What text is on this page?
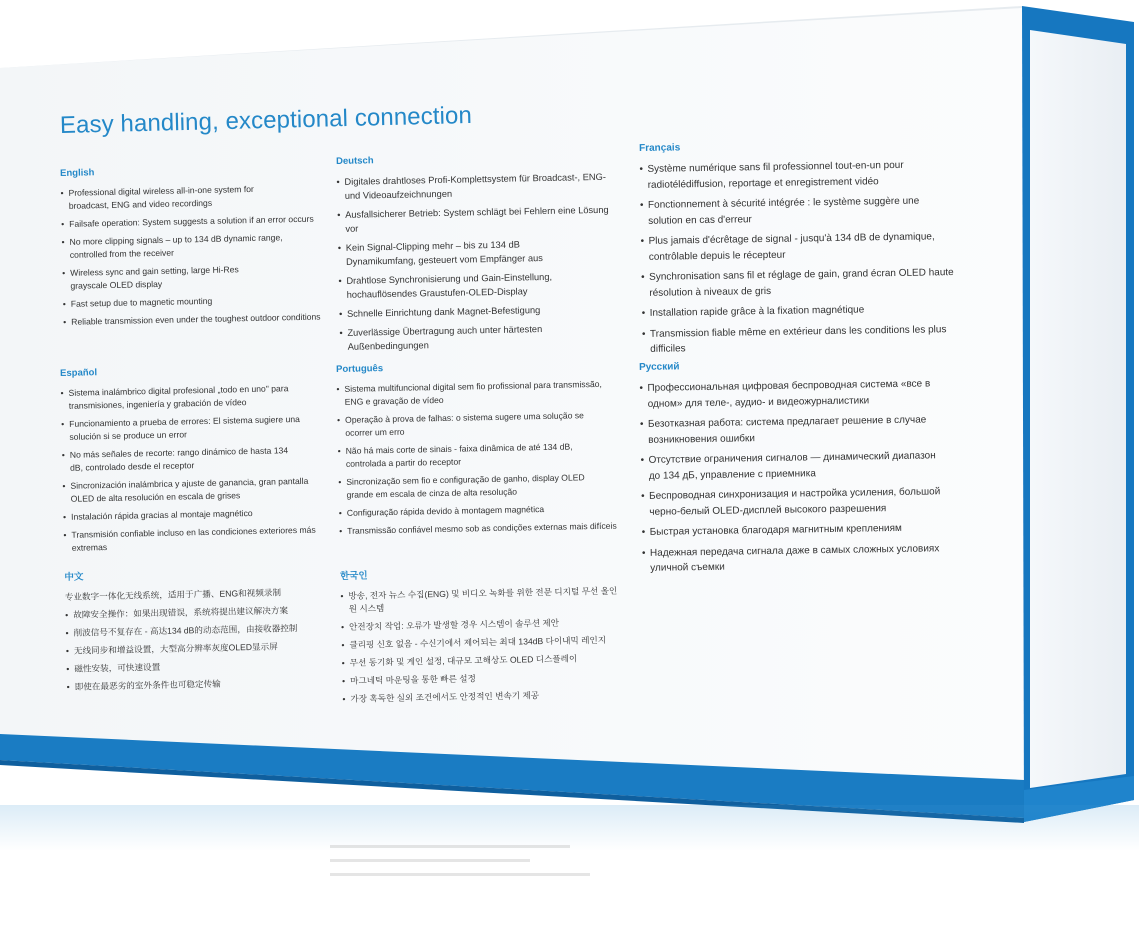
Easy handling, exceptional connection
English
• Professional digital wireless all-in-one system for broadcast, ENG and video recordings
• Failsafe operation: System suggests a solution if an error occurs
• No more clipping signals – up to 134 dB dynamic range, controlled from the receiver
• Wireless sync and gain setting, large Hi-Res grayscale OLED display
• Fast setup due to magnetic mounting
• Reliable transmission even under the toughest outdoor conditions
Deutsch
• Digitales drahtloses Profi-Komplettsystem für Broadcast-, ENG- und Videoaufzeichnungen
• Ausfallsicherer Betrieb: System schlägt bei Fehlern eine Lösung vor
• Kein Signal-Clipping mehr – bis zu 134 dB Dynamikumfang, gesteuert vom Empfänger aus
• Drahtlose Synchronisierung und Gain-Einstellung, hochauflösendes Graustufen-OLED-Display
• Schnelle Einrichtung dank Magnet-Befestigung
• Zuverlässige Übertragung auch unter härtesten Außenbedingungen
Français
• Système numérique sans fil professionnel tout-en-un pour radiotélédiffusion, reportage et enregistrement vidéo
• Fonctionnement à sécurité intégrée : le système suggère une solution en cas d'erreur
• Plus jamais d'écrêtage de signal - jusqu'à 134 dB de dynamique, contrôlable depuis le récepteur
• Synchronisation sans fil et réglage de gain, grand écran OLED haute résolution à niveaux de gris
• Installation rapide grâce à la fixation magnétique
• Transmission fiable même en extérieur dans les conditions les plus difficiles
Español
• Sistema inalámbrico digital profesional „todo en uno" para transmisiones, ingeniería y grabación de vídeo
• Funcionamiento a prueba de errores: El sistema sugiere una solución si se produce un error
• No más señales de recorte: rango dinámico de hasta 134 dB, controlado desde el receptor
• Sincronización inalámbrica y ajuste de ganancia, gran pantalla OLED de alta resolución en escala de grises
• Instalación rápida gracias al montaje magnético
• Transmisión confiable incluso en las condiciones exteriores más extremas
中文
专业数字一体化无线系统，适用于广播、ENG和视频录制
• 故障安全操作：如果出现错误，系统将提出建议解决方案
• 削波信号不复存在 - 高达134 dB的动态范围，由接收器控制
• 无线同步和增益设置，大型高分辨率灰度OLED显示屏
• 磁性安装，可快速设置
• 即使在最恶劣的室外条件也可稳定传输
Português
• Sistema multifuncional digital sem fio profissional para transmissão, ENG e gravação de vídeo
• Operação à prova de falhas: o sistema sugere uma solução se ocorrer um erro
• Não há mais corte de sinais - faixa dinâmica de até 134 dB, controlada a partir do receptor
• Sincronização sem fio e configuração de ganho, display OLED grande em escala de cinza de alta resolução
• Configuração rápida devido à montagem magnética
• Transmissão confiável mesmo sob as condições externas mais difíceis
한국인
• 방송, 전자 뉴스 수집(ENG) 및 비디오 녹화를 위한 전문 디지털 무선 올인원 시스템
• 안전장치 작업: 오류가 발생할 경우 시스템이 솔루션 제안
• 클리핑 신호 없음 - 수신기에서 제어되는 최대 134dB 다이내믹 레인지
• 무선 동기화 및 게인 설정, 대규모 고해상도 OLED 디스플레이
• 마그네틱 마운팅을 통한 빠른 설정
• 가장 혹독한 실외 조건에서도 안정적인 변속기 제공
Русский
• Профессиональная цифровая беспроводная система «все в одном» для теле-, аудио- и видеожурналистики
• Безотказная работа: система предлагает решение в случае возникновения ошибки
• Отсутствие ограничения сигналов — динамический диапазон до 134 дБ, управление с приемника
• Беспроводная синхронизация и настройка усиления, большой черно-белый OLED-дисплей высокого разрешения
• Быстрая установка благодаря магнитным креплениям
• Надежная передача сигнала даже в самых сложных условиях уличной съемки
